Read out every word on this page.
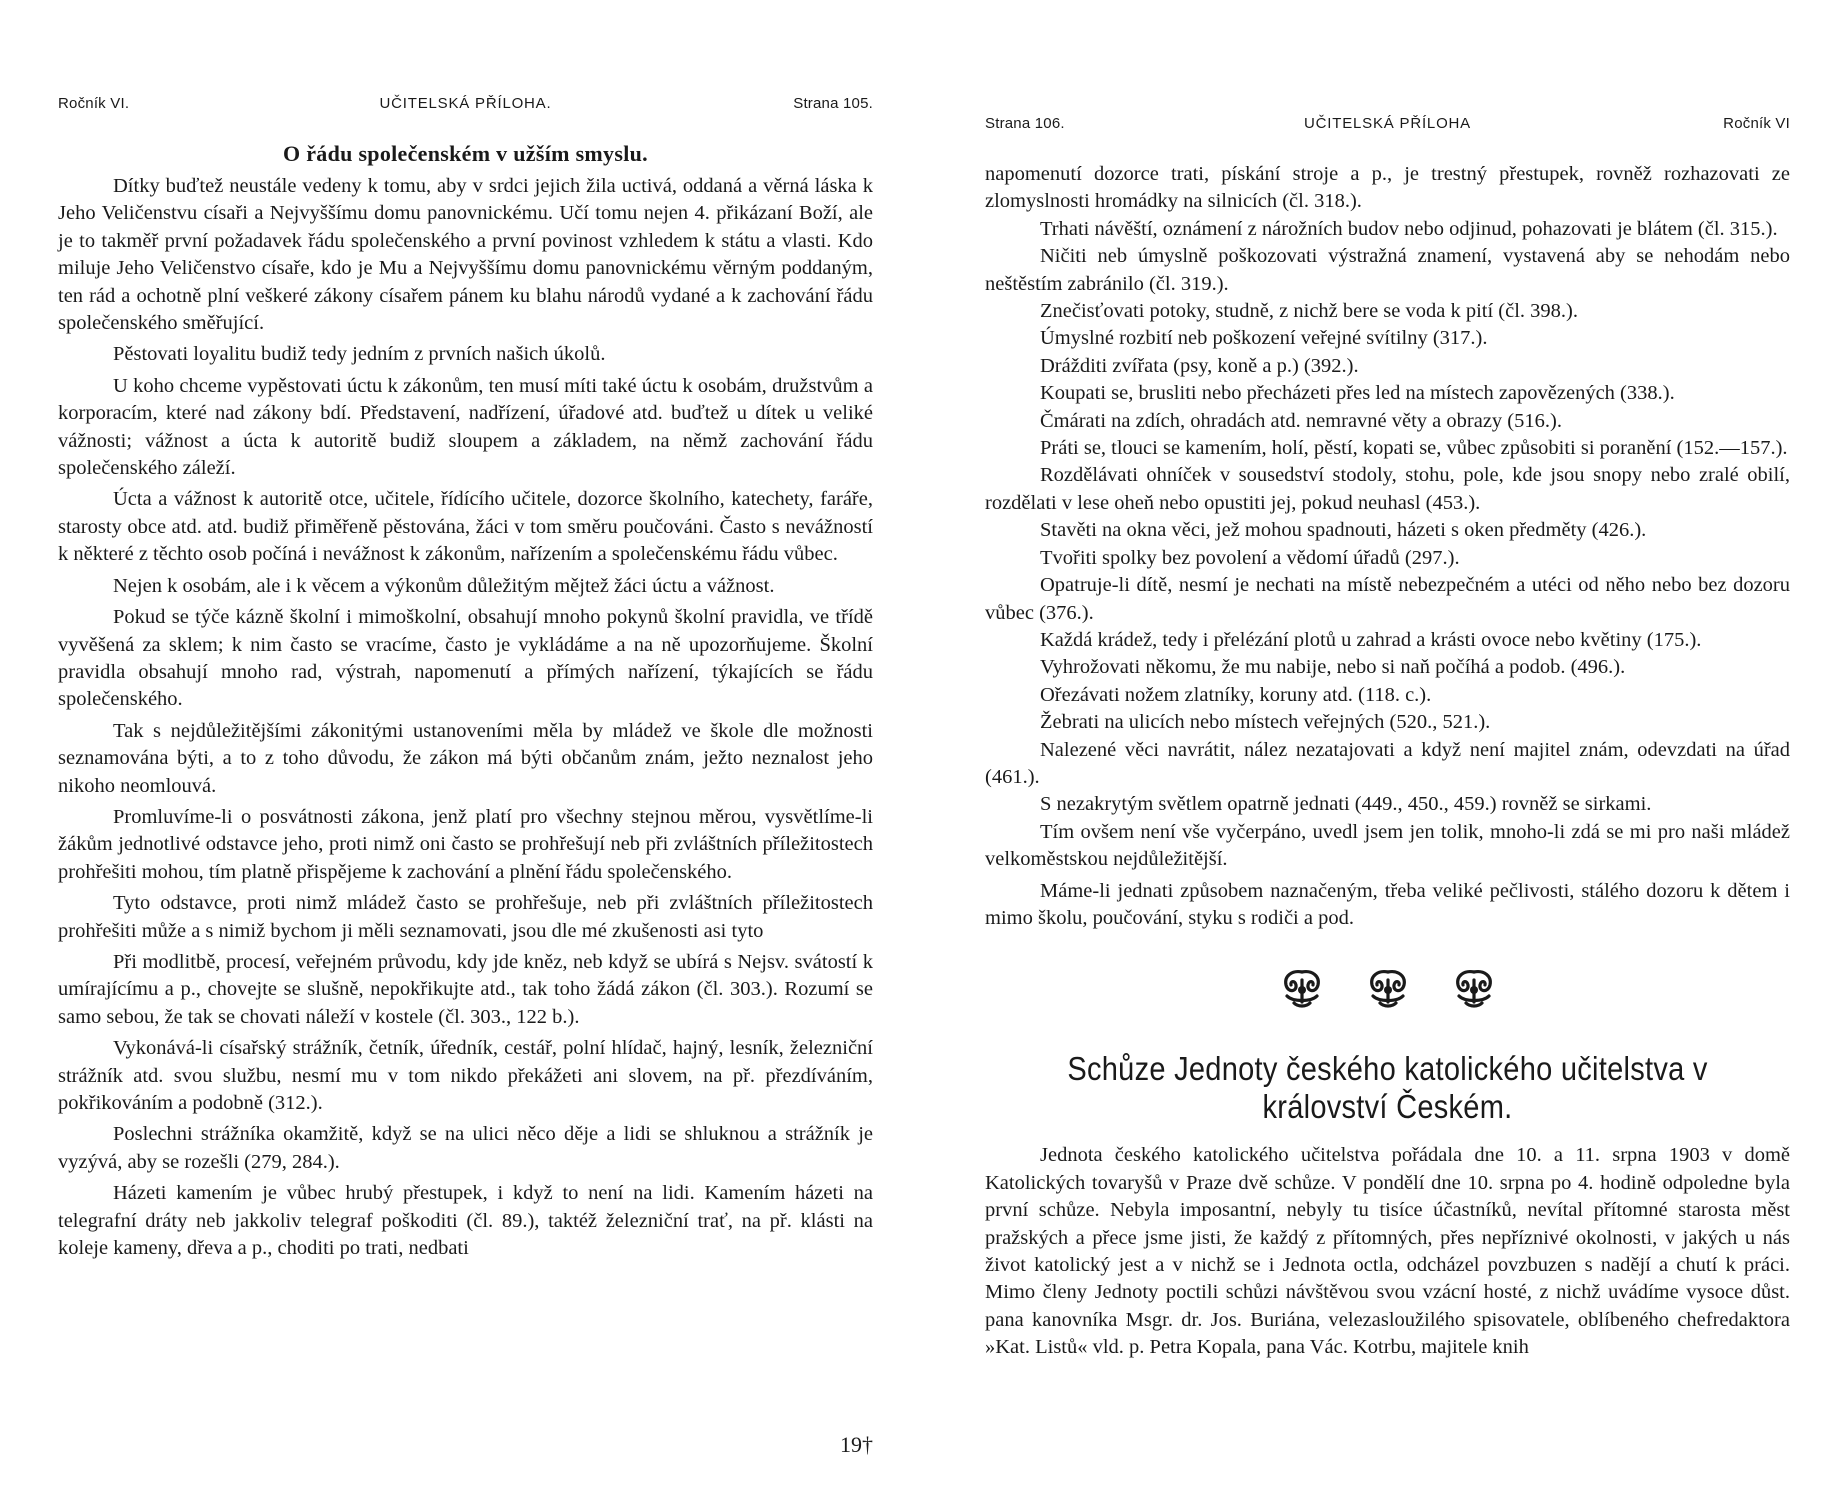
Ročník VI.	UČITELSKÁ PŘÍLOHA.	Strana 105.
O řádu společenském v užším smyslu.

Dítky buďtež neustále vedeny k tomu, aby v srdci jejich žila uctivá, oddaná a věrná láska k Jeho Veličenstvu císaři a Nejvyššímu domu panovnickému. Učí tomu nejen 4. přikázaní Boží, ale je to takměř první požadavek řádu společenského a první povinost vzhledem k státu a vlasti. Kdo miluje Jeho Veličenstvo císaře, kdo je Mu a Nejvyššímu domu panovnickému věrným poddaným, ten rád a ochotně plní veškeré zákony císařem pánem ku blahu národů vydané a k zachování řádu společenského směřující.

Pěstovati loyalitu budiž tedy jedním z prvních našich úkolů.

U koho chceme vypěstovati úctu k zákonům, ten musí míti také úctu k osobám, družstvům a korporacím, které nad zákony bdí. Představení, nadřízení, úřadové atd. buďtež u dítek u veliké vážnosti; vážnost a úcta k autoritě budiž sloupem a základem, na němž zachování řádu společenského záleží.

Úcta a vážnost k autoritě otce, učitele, řídícího učitele, dozorce školního, katechety, faráře, starosty obce atd. atd. budiž přiměřeně pěstována, žáci v tom směru poučováni. Často s nevážností k některé z těchto osob počíná i nevážnost k zákonům, nařízením a společenskému řádu vůbec.

Nejen k osobám, ale i k věcem a výkonům důležitým mějtež žáci úctu a vážnost.

Pokud se týče kázně školní i mimoškolní, obsahují mnoho pokynů školní pravidla, ve třídě vyvěšená za sklem; k nim často se vracíme, často je vykládáme a na ně upozorňujeme. Školní pravidla obsahují mnoho rad, výstrah, napomenutí a přímých nařízení, týkajících se řádu společenského.

Tak s nejdůležitějšími zákonitými ustanoveními měla by mládež ve škole dle možnosti seznamována býti, a to z toho důvodu, že zákon má býti občanům znám, ježto neznalost jeho nikoho neomlouvá.

Promluvíme-li o posvátnosti zákona, jenž platí pro všechny stejnou měrou, vysvětlíme-li žákům jednotlivé odstavce jeho, proti nimž oni často se prohřešují neb při zvláštních příležitostech prohřešiti mohou, tím platně přispějeme k zachování a plnění řádu společenského.

Tyto odstavce, proti nimž mládež často se prohřešuje, neb při zvláštních příležitostech prohřešiti může a s nimiž bychom ji měli seznamovati, jsou dle mé zkušenosti asi tyto

Při modlitbě, procesí, veřejném průvodu, kdy jde kněz, neb když se ubírá s Nejsv. svátostí k umírajícímu a p., chovejte se slušně, nepokřikujte atd., tak toho žádá zákon (čl. 303.). Rozumí se samo sebou, že tak se chovati náleží v kostele (čl. 303., 122 b.).

Vykonává-li císařský strážník, četník, úředník, cestář, polní hlídač, hajný, lesník, železniční strážník atd. svou službu, nesmí mu v tom nikdo překážeti ani slovem, na př. přezdíváním, pokřikováním a podobně (312.).

Poslechni strážníka okamžitě, když se na ulici něco děje a lidi se shluknou a strážník je vyzývá, aby se rozešli (279, 284.).

Házeti kamením je vůbec hrubý přestupek, i když to není na lidi. Kamením házeti na telegrafní dráty neb jakkoliv telegraf poškoditi (čl. 89.), taktéž železniční trať, na př. klásti na koleje kameny, dřeva a p., choditi po trati, nedbati

19†
Strana 106.	UČITELSKÁ PŘÍLOHA	Ročník VI

napomenutí dozorce trati, pískání stroje a p., je trestný přestupek, rovněž rozhazovati ze zlomyslnosti hromádky na silnicích (čl. 318.).

Trhati návěští, oznámení z nárožních budov nebo odjinud, pohazovati je blátem (čl. 315.).

Ničiti neb úmyslně poškozovati výstražná znamení, vystavená aby se nehodám nebo neštěstím zabránilo (čl. 319.).

Znečisťovati potoky, studně, z nichž bere se voda k pití (čl. 398.).

Úmyslné rozbití neb poškození veřejné svítilny (317.).

Drážditi zvířata (psy, koně a p.) (392.).

Koupati se, brusliti nebo přecházeti přes led na místech zapovězených (338.).

Čmárati na zdích, ohradách atd. nemravné věty a obrazy (516.).

Práti se, tlouci se kamením, holí, pěstí, kopati se, vůbec způsobiti si poranění (152.—157.).

Rozdělávati ohníček v sousedství stodoly, stohu, pole, kde jsou snopy nebo zralé obilí, rozdělati v lese oheň nebo opustiti jej, pokud neuhasl (453.).

Stavěti na okna věci, jež mohou spadnouti, házeti s oken předměty (426.).

Tvořiti spolky bez povolení a vědomí úřadů (297.).

Opatruje-li dítě, nesmí je nechati na místě nebezpečném a utéci od něho nebo bez dozoru vůbec (376.).

Každá krádež, tedy i přelézání plotů u zahrad a krásti ovoce nebo květiny (175.).

Vyhrožovati někomu, že mu nabije, nebo si naň počíhá a podob. (496.).

Ořezávati nožem zlatníky, koruny atd. (118. c.).

Žebrati na ulicích nebo místech veřejných (520., 521.).

Nalezené věci navrátit, nález nezatajovati a když není majitel znám, odevzdati na úřad (461.).

S nezakrytým světlem opatrně jednati (449., 450., 459.) rovněž se sirkami.

Tím ovšem není vše vyčerpáno, uvedl jsem jen tolik, mnoho-li zdá se mi pro naši mládež velkoměstskou nejdůležitější.

Máme-li jednati způsobem naznačeným, třeba veliké pečlivosti, stálého dozoru k dětem i mimo školu, poučování, styku s rodiči a pod.

Schůze Jednoty českého katolického učitelstva v království Českém.

Jednota českého katolického učitelstva pořádala dne 10. a 11. srpna 1903 v domě Katolických tovaryšů v Praze dvě schůze. V pondělí dne 10. srpna po 4. hodině odpoledne byla první schůze. Nebyla imposantní, nebyly tu tisíce účastníků, nevítal přítomné starosta měst pražských a přece jsme jisti, že každý z přítomných, přes nepříznivé okolnosti, v jakých u nás život katolický jest a v nichž se i Jednota octla, odcházel povzbuzen s nadějí a chutí k práci. Mimo členy Jednoty poctili schůzi návštěvou svou vzácní hosté, z nichž uvádíme vysoce důst. pana kanovníka Msgr. dr. Jos. Buriána, velezasloužilého spisovatele, oblíbeného chefredaktora »Kat. Listů« vld. p. Petra Kopala, pana Vác. Kotrbu, majitele knih
